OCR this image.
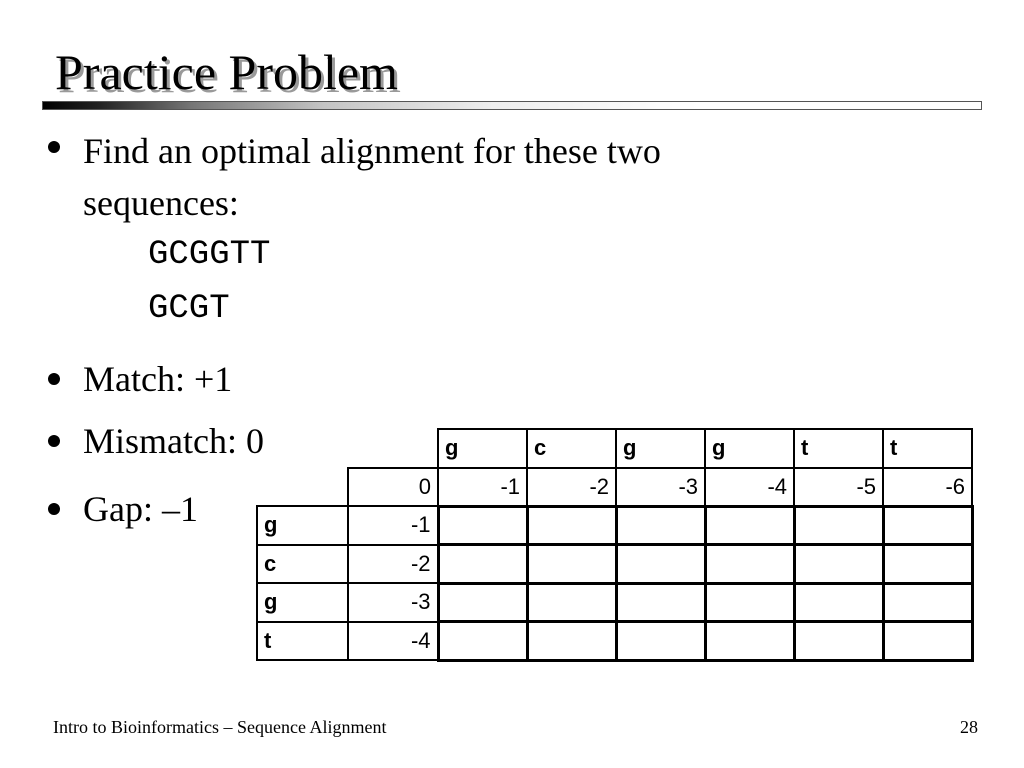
Practice Problem
Find an optimal alignment for these two
sequences:
GCGGTT
GCGT
Match: +1
Mismatch: 0
Gap: –1
		g	c	g	g	t	t
	0	-1	-2	-3	-4	-5	-6
g	-1						
c	-2						
g	-3						
t	-4						
Intro to Bioinformatics – Sequence Alignment	28
